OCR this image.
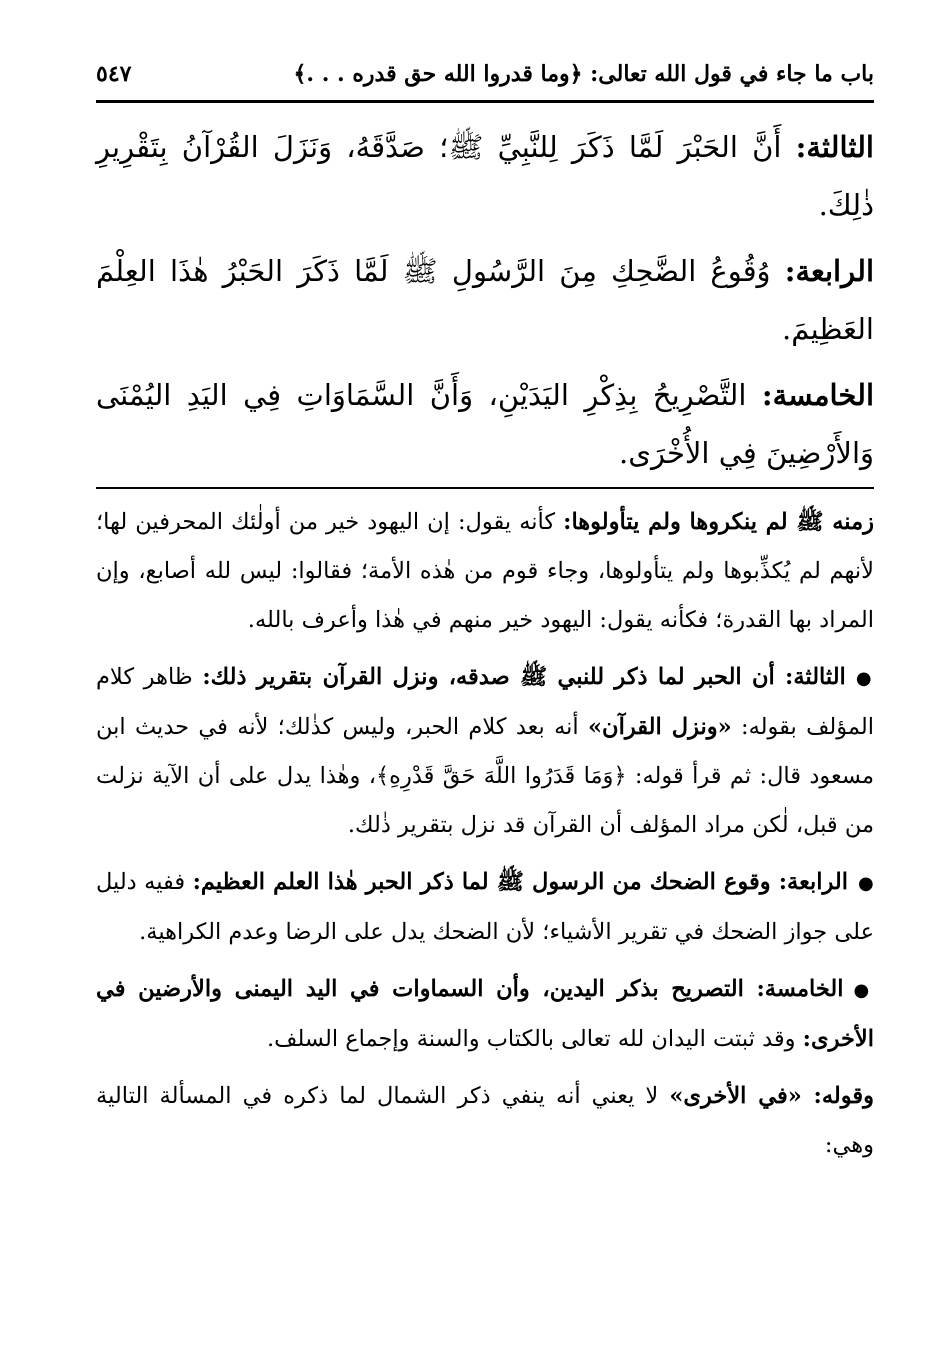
باب ما جاء في قول الله تعالى: ﴿وما قدروا الله حق قدره . . .﴾
٥٤٧

الثالثة: أَنَّ الحَبْرَ لَمَّا ذَكَرَ لِلنَّبِيِّ ﷺ؛ صَدَّقَهُ، وَنَزَلَ القُرْآنُ بِتَقْرِيرِ ذٰلِكَ.

الرابعة: وُقُوعُ الضَّحِكِ مِنَ الرَّسُولِ ﷺ لَمَّا ذَكَرَ الحَبْرُ هٰذَا العِلْمَ العَظِيمَ.

الخامسة: التَّصْرِيحُ بِذِكْرِ اليَدَيْنِ، وَأَنَّ السَّمَاوَاتِ فِي اليَدِ اليُمْنَى وَالأَرْضِينَ فِي الأُخْرَى.

زمنه ﷺ لم ينكروها ولم يتأولوها: كأنه يقول: إن اليهود خير من أولٰئك المحرفين لها؛ لأنهم لم يُكذِّبوها ولم يتأولوها، وجاء قوم من هٰذه الأمة؛ فقالوا: ليس لله أصابع، وإن المراد بها القدرة؛ فكأنه يقول: اليهود خير منهم في هٰذا وأعرف بالله.

●الثالثة: أن الحبر لما ذكر للنبي ﷺ صدقه، ونزل القرآن بتقرير ذلك: ظاهر كلام المؤلف بقوله: «ونزل القرآن» أنه بعد كلام الحبر، وليس كذٰلك؛ لأنه في حديث ابن مسعود قال: ثم قرأ قوله: ﴿وَمَا قَدَرُوا اللَّهَ حَقَّ قَدْرِهِ﴾، وهٰذا يدل على أن الآية نزلت من قبل، لٰكن مراد المؤلف أن القرآن قد نزل بتقرير ذٰلك.

●الرابعة: وقوع الضحك من الرسول ﷺ لما ذكر الحبر هٰذا العلم العظيم: ففيه دليل على جواز الضحك في تقرير الأشياء؛ لأن الضحك يدل على الرضا وعدم الكراهية.

●الخامسة: التصريح بذكر اليدين، وأن السماوات في اليد اليمنى والأرضين في الأخرى: وقد ثبتت اليدان لله تعالى بالكتاب والسنة وإجماع السلف.

وقوله: «في الأخرى» لا يعني أنه ينفي ذكر الشمال لما ذكره في المسألة التالية وهي:
